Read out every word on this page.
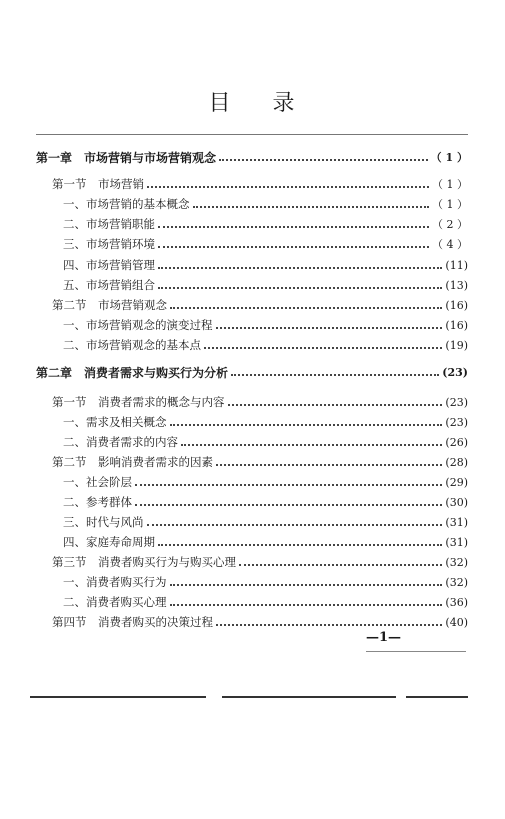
目 录
第一章　市场营销与市场营销观念	（ 1 ）
第一节　市场营销	（ 1 ）
一、市场营销的基本概念	（ 1 ）
二、市场营销职能	（ 2 ）
三、市场营销环境	（ 4 ）
四、市场营销管理	(11)
五、市场营销组合	(13)
第二节　市场营销观念	(16)
一、市场营销观念的演变过程	(16)
二、市场营销观念的基本点	(19)
第二章　消费者需求与购买行为分析	(23)
第一节　消费者需求的概念与内容	(23)
一、需求及相关概念	(23)
二、消费者需求的内容	(26)
第二节　影响消费者需求的因素	(28)
一、社会阶层	(29)
二、参考群体	(30)
三、时代与风尚	(31)
四、家庭寿命周期	(31)
第三节　消费者购买行为与购买心理	(32)
一、消费者购买行为	(32)
二、消费者购买心理	(36)
第四节　消费者购买的决策过程	(40)
—1—
